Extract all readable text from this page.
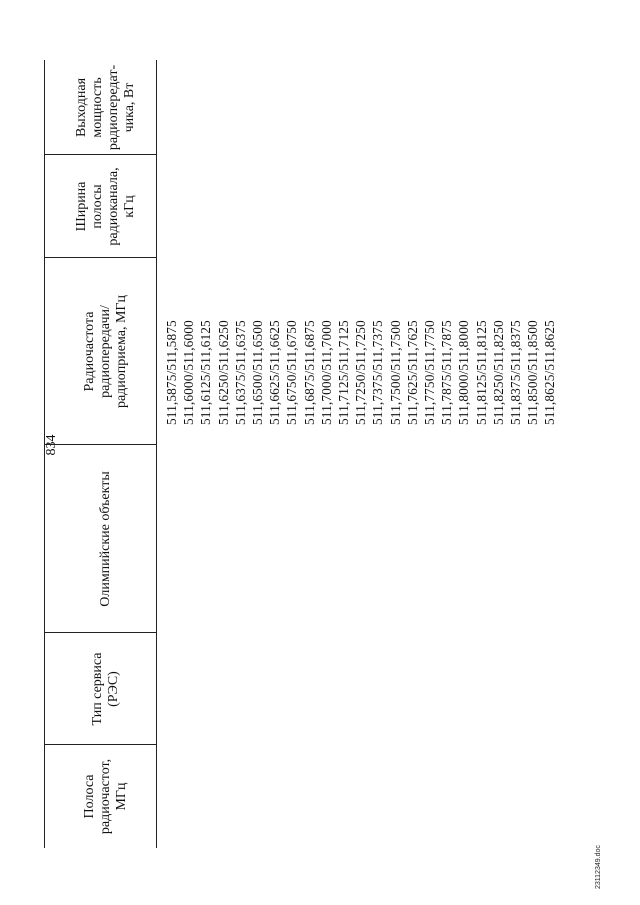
834
Полоса
радиочастот,
МГц
Тип сервиса
(РЭС)
Олимпийские объекты
Радиочастота
радиопередачи/
радиоприема, МГц
Ширина
полосы
радиоканала,
кГц
Выходная
мощность
радиопередат-
чика, Вт
511,5875/511,5875 511,6000/511,6000 511,6125/511,6125 511,6250/511,6250 511,6375/511,6375 511,6500/511,6500 511,6625/511,6625 511,6750/511,6750 511,6875/511,6875 511,7000/511,7000 511,7125/511,7125 511,7250/511,7250 511,7375/511,7375 511,7500/511,7500 511,7625/511,7625 511,7750/511,7750 511,7875/511,7875 511,8000/511,8000 511,8125/511,8125 511,8250/511,8250 511,8375/511,8375 511,8500/511,8500 511,8625/511,8625
23112349.doc
